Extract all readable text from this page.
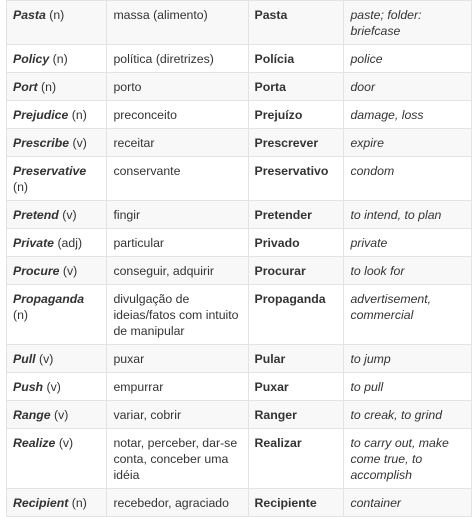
Pasta (n)	massa (alimento)	Pasta	paste; folder: briefcase
Policy (n)	política (diretrizes)	Polícia	police
Port (n)	porto	Porta	door
Prejudice (n)	preconceito	Prejuízo	damage, loss
Prescribe (v)	receitar	Prescrever	expire
Preservative (n)	conservante	Preservativo	condom
Pretend (v)	fingir	Pretender	to intend, to plan
Private (adj)	particular	Privado	private
Procure (v)	conseguir, adquirir	Procurar	to look for
Propaganda (n)	divulgação de ideias/fatos com intuito de manipular	Propaganda	advertisement, commercial
Pull (v)	puxar	Pular	to jump
Push (v)	empurrar	Puxar	to pull
Range (v)	variar, cobrir	Ranger	to creak, to grind
Realize (v)	notar, perceber, dar-se conta, conceber uma idéia	Realizar	to carry out, make come true, to accomplish
Recipient (n)	recebedor, agraciado	Recipiente	container
